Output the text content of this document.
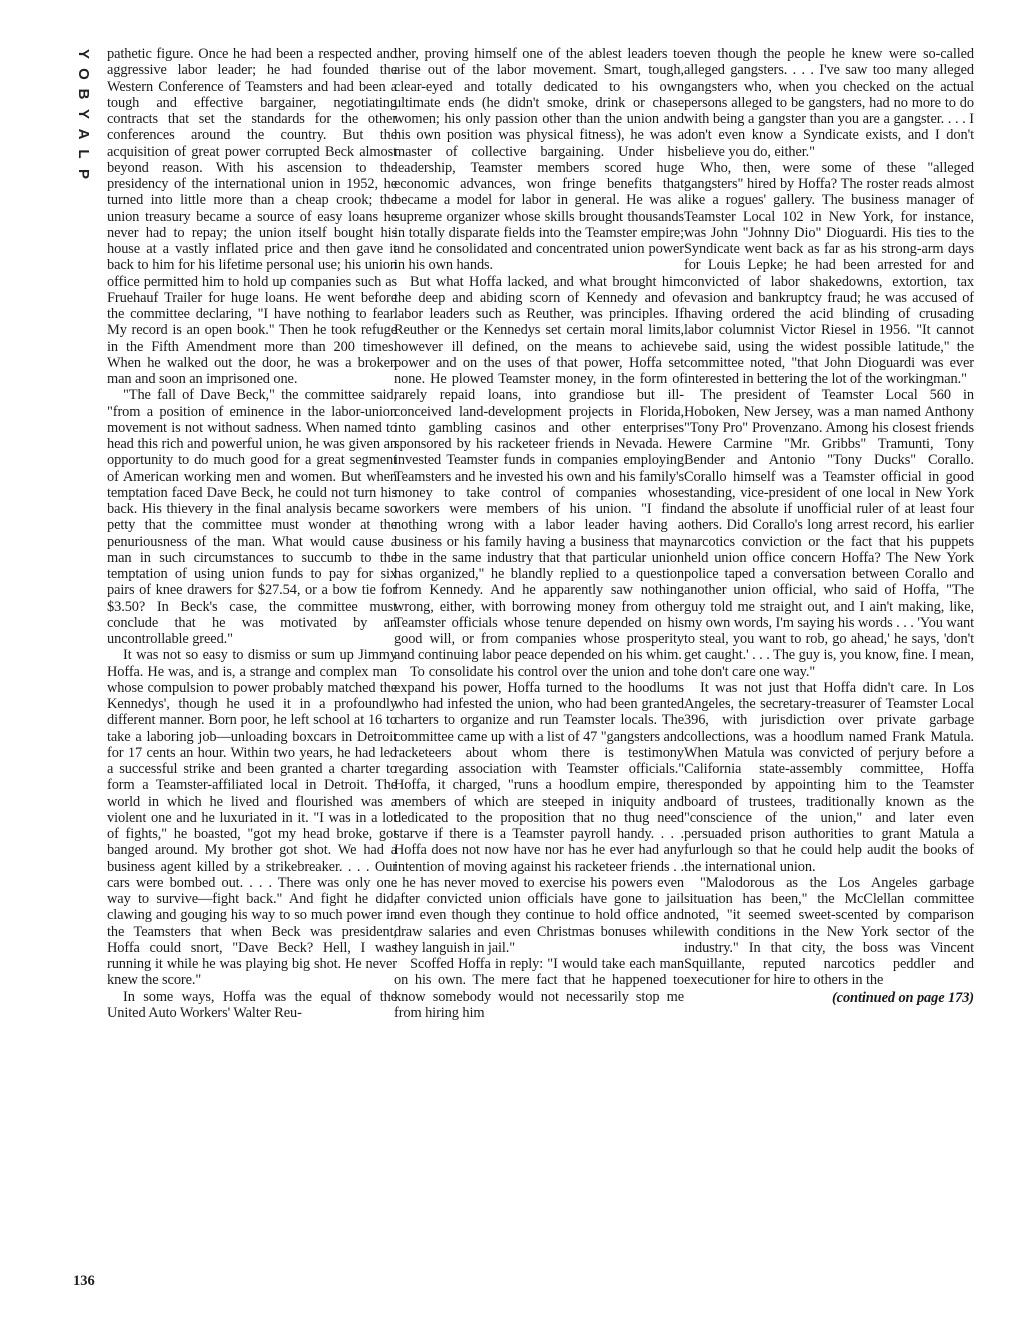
Y
O
B
Y
A
L
P

pathetic figure. Once he had been a respected and aggressive labor leader; he had founded the Western Conference of Teamsters and had been a tough and effective bargainer, negotiating contracts that set the standards for the other conferences around the country. But the acquisition of great power corrupted Beck almost beyond reason. With his ascension to the presidency of the international union in 1952, he turned into little more than a cheap crook; the union treasury became a source of easy loans he never had to repay; the union itself bought his house at a vastly inflated price and then gave it back to him for his lifetime personal use; his union office permitted him to hold up companies such as Fruehauf Trailer for huge loans. He went before the committee declaring, "I have nothing to fear. My record is an open book." Then he took refuge in the Fifth Amendment more than 200 times. When he walked out the door, he was a broken man and soon an imprisoned one.

"The fall of Dave Beck," the committee said, "from a position of eminence in the labor-union movement is not without sadness. When named to head this rich and powerful union, he was given an opportunity to do much good for a great segment of American working men and women. But when temptation faced Dave Beck, he could not turn his back. His thievery in the final analysis became so petty that the committee must wonder at the penuriousness of the man. What would cause a man in such circumstances to succumb to the temptation of using union funds to pay for six pairs of knee drawers for $27.54, or a bow tie for $3.50? In Beck's case, the committee must conclude that he was motivated by an uncontrollable greed."

It was not so easy to dismiss or sum up Jimmy Hoffa. He was, and is, a strange and complex man whose compulsion to power probably matched the Kennedys', though he used it in a profoundly different manner. Born poor, he left school at 16 to take a laboring job—unloading boxcars in Detroit for 17 cents an hour. Within two years, he had led a successful strike and been granted a charter to form a Teamster-affiliated local in Detroit. The world in which he lived and flourished was a violent one and he luxuriated in it. "I was in a lot of fights," he boasted, "got my head broke, got banged around. My brother got shot. We had a business agent killed by a strikebreaker. . . . Our cars were bombed out. . . . There was only one way to survive—fight back." And fight he did, clawing and gouging his way to so much power in the Teamsters that when Beck was president, Hoffa could snort, "Dave Beck? Hell, I was running it while he was playing big shot. He never knew the score."

In some ways, Hoffa was the equal of the United Auto Workers' Walter Reu-

ther, proving himself one of the ablest leaders to arise out of the labor movement. Smart, tough, clear-eyed and totally dedicated to his own ultimate ends (he didn't smoke, drink or chase women; his only passion other than the union and his own position was physical fitness), he was a master of collective bargaining. Under his leadership, Teamster members scored huge economic advances, won fringe benefits that became a model for labor in general. He was a supreme organizer whose skills brought thousands in totally disparate fields into the Teamster empire; and he consolidated and concentrated union power in his own hands.

But what Hoffa lacked, and what brought him the deep and abiding scorn of Kennedy and of labor leaders such as Reuther, was principles. If Reuther or the Kennedys set certain moral limits, however ill defined, on the means to achieve power and on the uses of that power, Hoffa set none. He plowed Teamster money, in the form of rarely repaid loans, into grandiose but ill-conceived land-development projects in Florida, into gambling casinos and other enterprises sponsored by his racketeer friends in Nevada. He invested Teamster funds in companies employing Teamsters and he invested his own and his family's money to take control of companies whose workers were members of his union. "I find nothing wrong with a labor leader having a business or his family having a business that may be in the same industry that that particular union has organized," he blandly replied to a question from Kennedy. And he apparently saw nothing wrong, either, with borrowing money from other Teamster officials whose tenure depended on his good will, or from companies whose prosperity and continuing labor peace depended on his whim.

To consolidate his control over the union and to expand his power, Hoffa turned to the hoodlums who had infested the union, who had been granted charters to organize and run Teamster locals. The committee came up with a list of 47 "gangsters and racketeers about whom there is testimony regarding association with Teamster officials." Hoffa, it charged, "runs a hoodlum empire, the members of which are steeped in iniquity and dedicated to the proposition that no thug need starve if there is a Teamster payroll handy. . . . Hoffa does not now have nor has he ever had any intention of moving against his racketeer friends . . . he has never moved to exercise his powers even after convicted union officials have gone to jail and even though they continue to hold office and draw salaries and even Christmas bonuses while they languish in jail."

Scoffed Hoffa in reply: "I would take each man on his own. The mere fact that he happened to know somebody would not necessarily stop me from hiring him

even though the people he knew were so-called alleged gangsters. . . . I've saw too many alleged gangsters who, when you checked on the actual persons alleged to be gangsters, had no more to do with being a gangster than you are a gangster. . . . I don't even know a Syndicate exists, and I don't believe you do, either."

Who, then, were some of these "alleged gangsters" hired by Hoffa? The roster reads almost like a rogues' gallery. The business manager of Teamster Local 102 in New York, for instance, was John "Johnny Dio" Dioguardi. His ties to the Syndicate went back as far as his strong-arm days for Louis Lepke; he had been arrested for and convicted of labor shakedowns, extortion, tax evasion and bankruptcy fraud; he was accused of having ordered the acid blinding of crusading labor columnist Victor Riesel in 1956. "It cannot be said, using the widest possible latitude," the committee noted, "that John Dioguardi was ever interested in bettering the lot of the workingman."

The president of Teamster Local 560 in Hoboken, New Jersey, was a man named Anthony "Tony Pro" Provenzano. Among his closest friends were Carmine "Mr. Gribbs" Tramunti, Tony Bender and Antonio "Tony Ducks" Corallo. Corallo himself was a Teamster official in good standing, vice-president of one local in New York and the absolute if unofficial ruler of at least four others. Did Corallo's long arrest record, his earlier narcotics conviction or the fact that his puppets held union office concern Hoffa? The New York police taped a conversation between Corallo and another union official, who said of Hoffa, "The guy told me straight out, and I ain't making, like, my own words, I'm saying his words . . . 'You want to steal, you want to rob, go ahead,' he says, 'don't get caught.' . . . The guy is, you know, fine. I mean, he don't care one way."

It was not just that Hoffa didn't care. In Los Angeles, the secretary-treasurer of Teamster Local 396, with jurisdiction over private garbage collections, was a hoodlum named Frank Matula. When Matula was convicted of perjury before a California state-assembly committee, Hoffa responded by appointing him to the Teamster board of trustees, traditionally known as the "conscience of the union," and later even persuaded prison authorities to grant Matula a furlough so that he could help audit the books of the international union.

"Malodorous as the Los Angeles garbage situation has been," the McClellan committee noted, "it seemed sweet-scented by comparison with conditions in the New York sector of the industry." In that city, the boss was Vincent Squillante, reputed narcotics peddler and executioner for hire to others in the

(continued on page 173)
136
